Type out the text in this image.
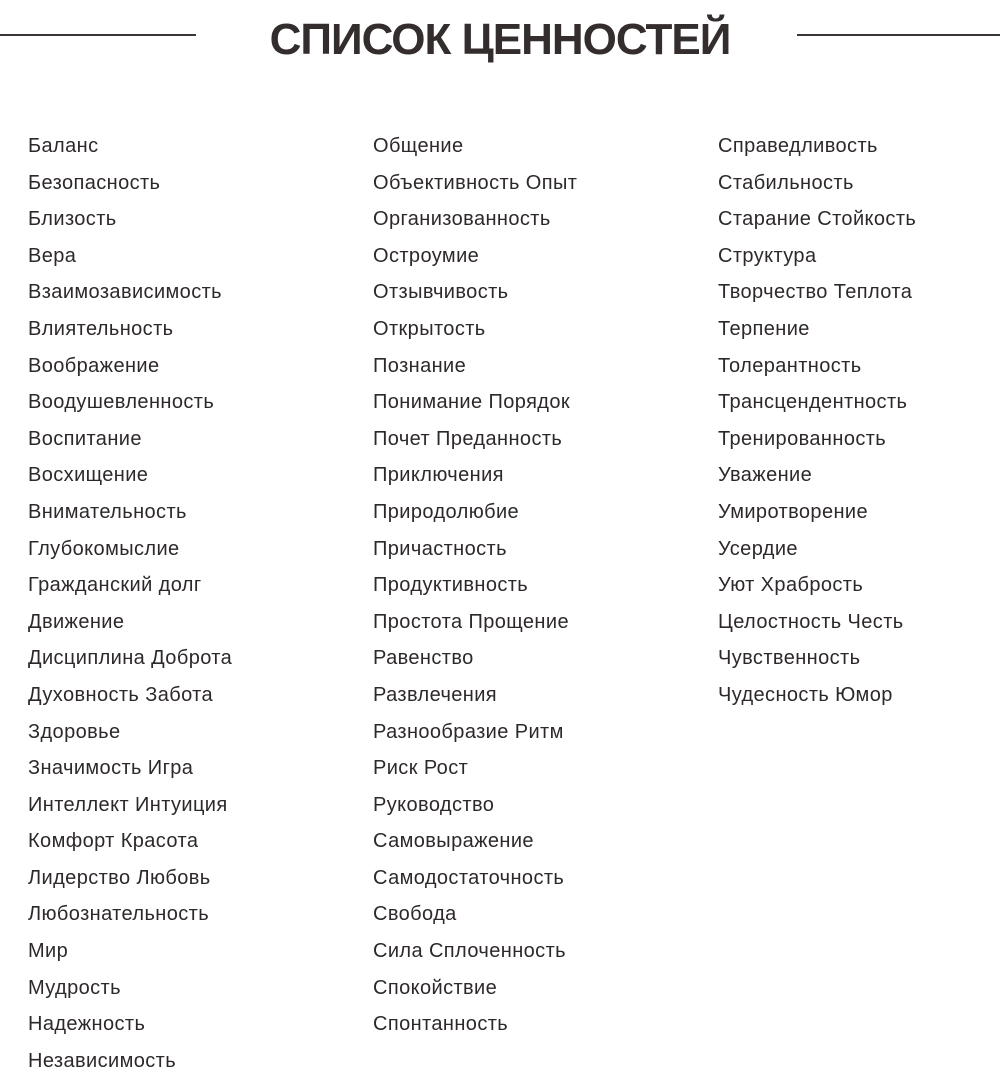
СПИСОК ЦЕННОСТЕЙ
Баланс
Безопасность
Близость
Вера
Взаимозависимость
Влиятельность
Воображение
Воодушевленность
Воспитание
Восхищение
Внимательность
Глубокомыслие
Гражданский долг
Движение
Дисциплина Доброта
Духовность Забота
Здоровье
Значимость Игра
Интеллект Интуиция
Комфорт Красота
Лидерство Любовь
Любознательность
Мир
Мудрость
Надежность
Независимость
Общение
Объективность Опыт
Организованность
Остроумие
Отзывчивость
Открытость
Познание
Понимание Порядок
Почет Преданность
Приключения
Природолюбие
Причастность
Продуктивность
Простота Прощение
Равенство
Развлечения
Разнообразие Ритм
Риск Рост
Руководство
Самовыражение
Самодостаточность
Свобода
Сила Сплоченность
Спокойствие
Спонтанность
Справедливость
Стабильность
Старание Стойкость
Структура
Творчество Теплота
Терпение
Толерантность
Трансцендентность
Тренированность
Уважение
Умиротворение
Усердие
Уют Храбрость
Целостность Честь
Чувственность
Чудесность Юмор
